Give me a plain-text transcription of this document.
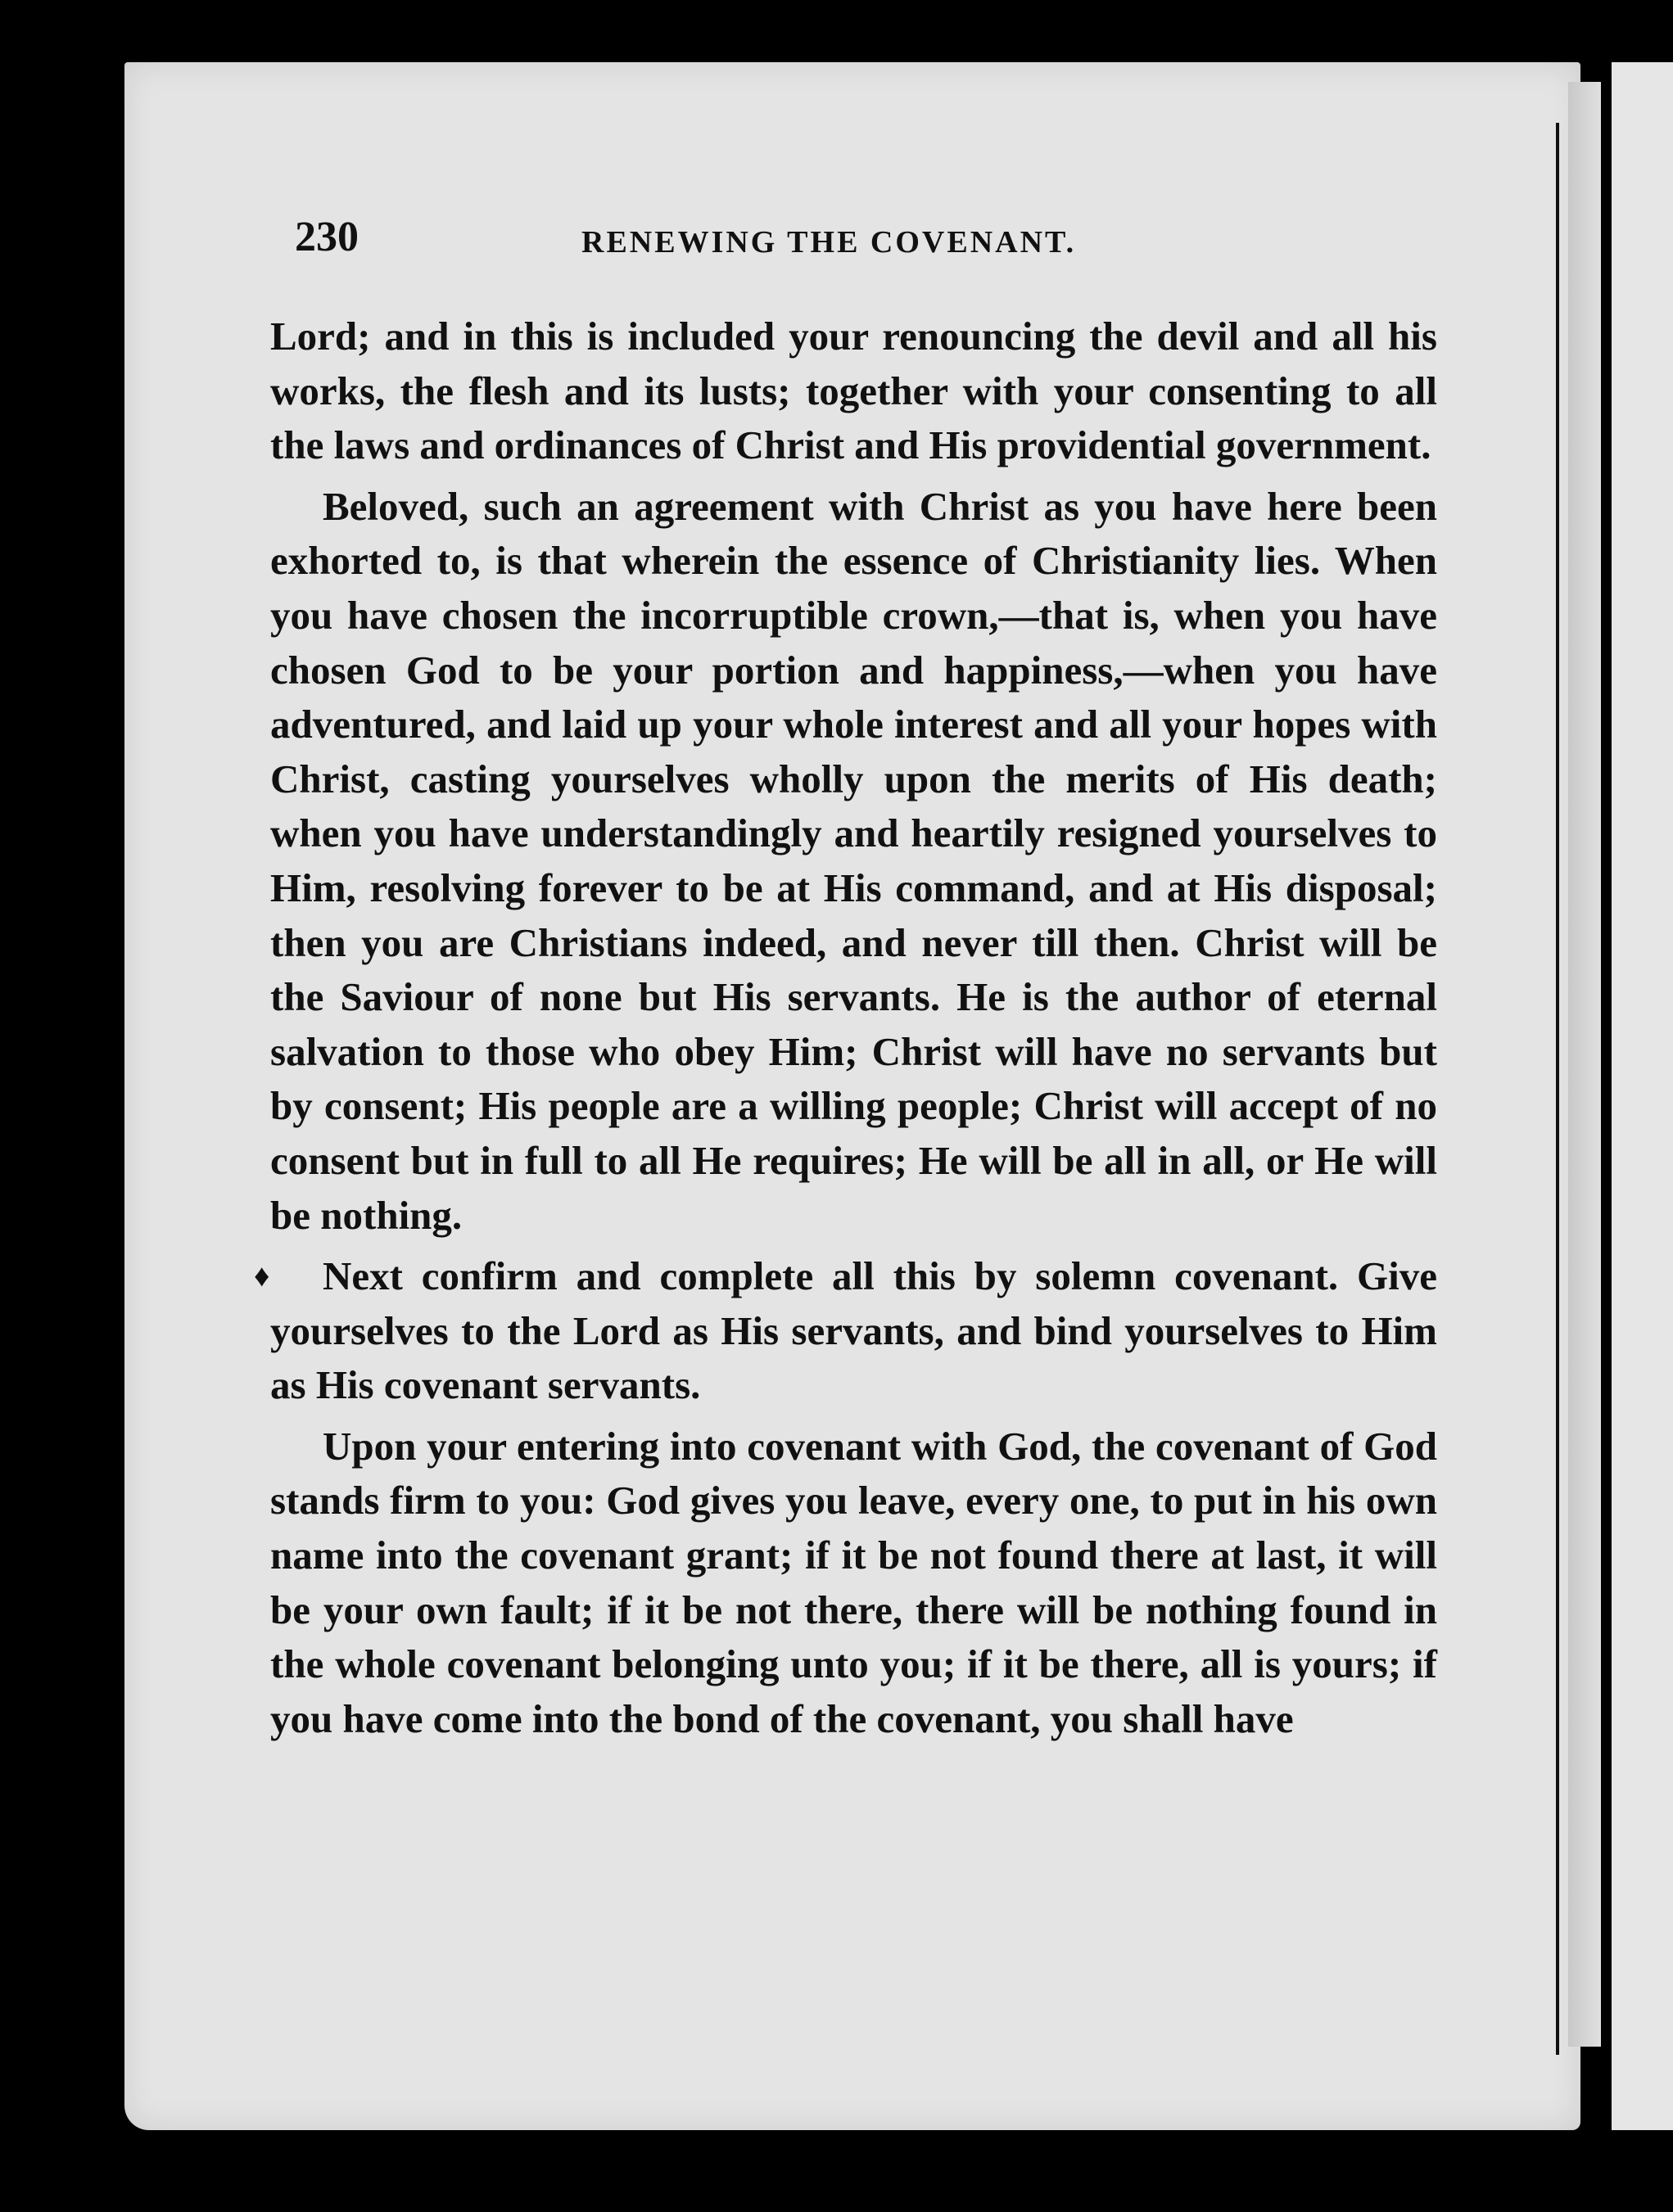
230	RENEWING THE COVENANT.

Lord; and in this is included your renouncing the devil and all his works, the flesh and its lusts; together with your consenting to all the laws and ordinances of Christ and His providential government.

Beloved, such an agreement with Christ as you have here been exhorted to, is that wherein the essence of Christianity lies. When you have chosen the incorruptible crown,—that is, when you have chosen God to be your portion and happiness,—when you have adventured, and laid up your whole interest and all your hopes with Christ, casting yourselves wholly upon the merits of His death; when you have understandingly and heartily resigned yourselves to Him, resolving forever to be at His command, and at His disposal; then you are Christians indeed, and never till then. Christ will be the Saviour of none but His servants. He is the author of eternal salvation to those who obey Him; Christ will have no servants but by consent; His people are a willing people; Christ will accept of no consent but in full to all He requires; He will be all in all, or He will be nothing.

♦	Next confirm and complete all this by solemn covenant. Give yourselves to the Lord as His servants, and bind yourselves to Him as His covenant servants.

Upon your entering into covenant with God, the covenant of God stands firm to you: God gives you leave, every one, to put in his own name into the covenant grant; if it be not found there at last, it will be your own fault; if it be not there, there will be nothing found in the whole covenant belonging unto you; if it be there, all is yours; if you have come into the bond of the covenant, you shall have
